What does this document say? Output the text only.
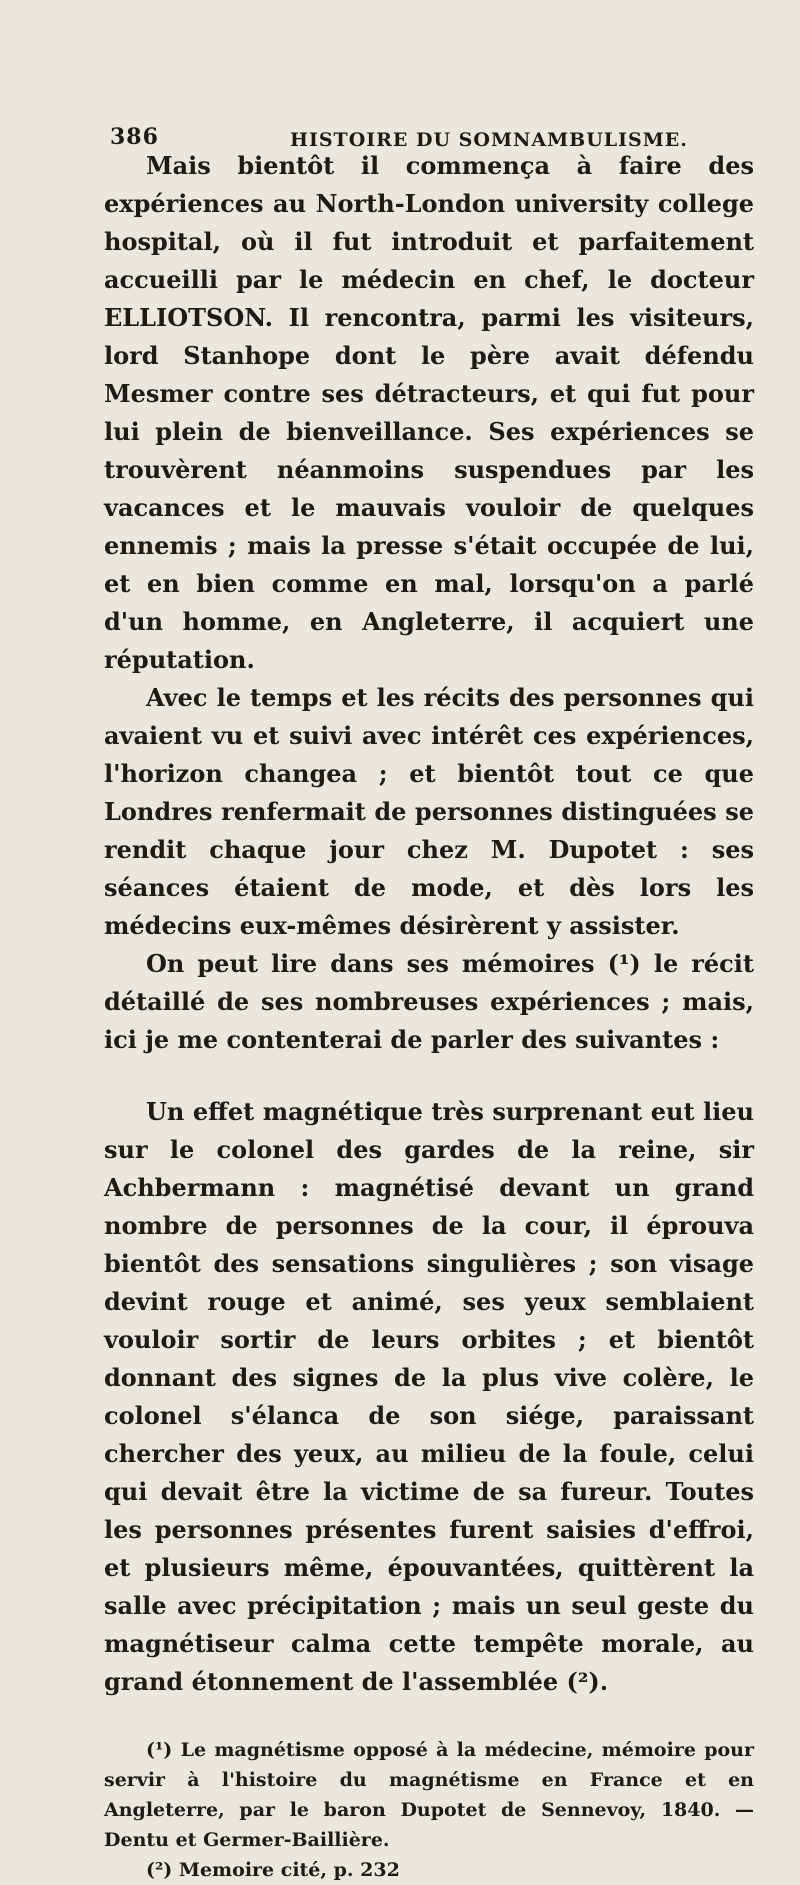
386	HISTOIRE DU SOMNAMBULISME.

Mais bientôt il commença à faire des expériences au North-London university college hospital, où il fut introduit et parfaitement accueilli par le médecin en chef, le docteur ELLIOTSON. Il rencontra, parmi les visiteurs, lord Stanhope dont le père avait défendu Mesmer contre ses détracteurs, et qui fut pour lui plein de bienveillance. Ses expériences se trouvèrent néanmoins suspendues par les vacances et le mauvais vouloir de quelques ennemis ; mais la presse s'était occupée de lui, et en bien comme en mal, lorsqu'on a parlé d'un homme, en Angleterre, il acquiert une réputation.

Avec le temps et les récits des personnes qui avaient vu et suivi avec intérêt ces expériences, l'horizon changea ; et bientôt tout ce que Londres renfermait de personnes distinguées se rendit chaque jour chez M. Dupotet : ses séances étaient de mode, et dès lors les médecins eux-mêmes désirèrent y assister.

On peut lire dans ses mémoires (¹) le récit détaillé de ses nombreuses expériences ; mais, ici je me contenterai de parler des suivantes :

Un effet magnétique très surprenant eut lieu sur le colonel des gardes de la reine, sir Achbermann : magnétisé devant un grand nombre de personnes de la cour, il éprouva bientôt des sensations singulières ; son visage devint rouge et animé, ses yeux semblaient vouloir sortir de leurs orbites ; et bientôt donnant des signes de la plus vive colère, le colonel s'élanca de son siége, paraissant chercher des yeux, au milieu de la foule, celui qui devait être la victime de sa fureur. Toutes les personnes présentes furent saisies d'effroi, et plusieurs même, épouvantées, quittèrent la salle avec précipitation ; mais un seul geste du magnétiseur calma cette tempête morale, au grand étonnement de l'assemblée (²).

(¹) Le magnétisme opposé à la médecine, mémoire pour servir à l'histoire du magnétisme en France et en Angleterre, par le baron Dupotet de Sennevoy, 1840. — Dentu et Germer-Baillière.

(²) Memoire cité, p. 232
